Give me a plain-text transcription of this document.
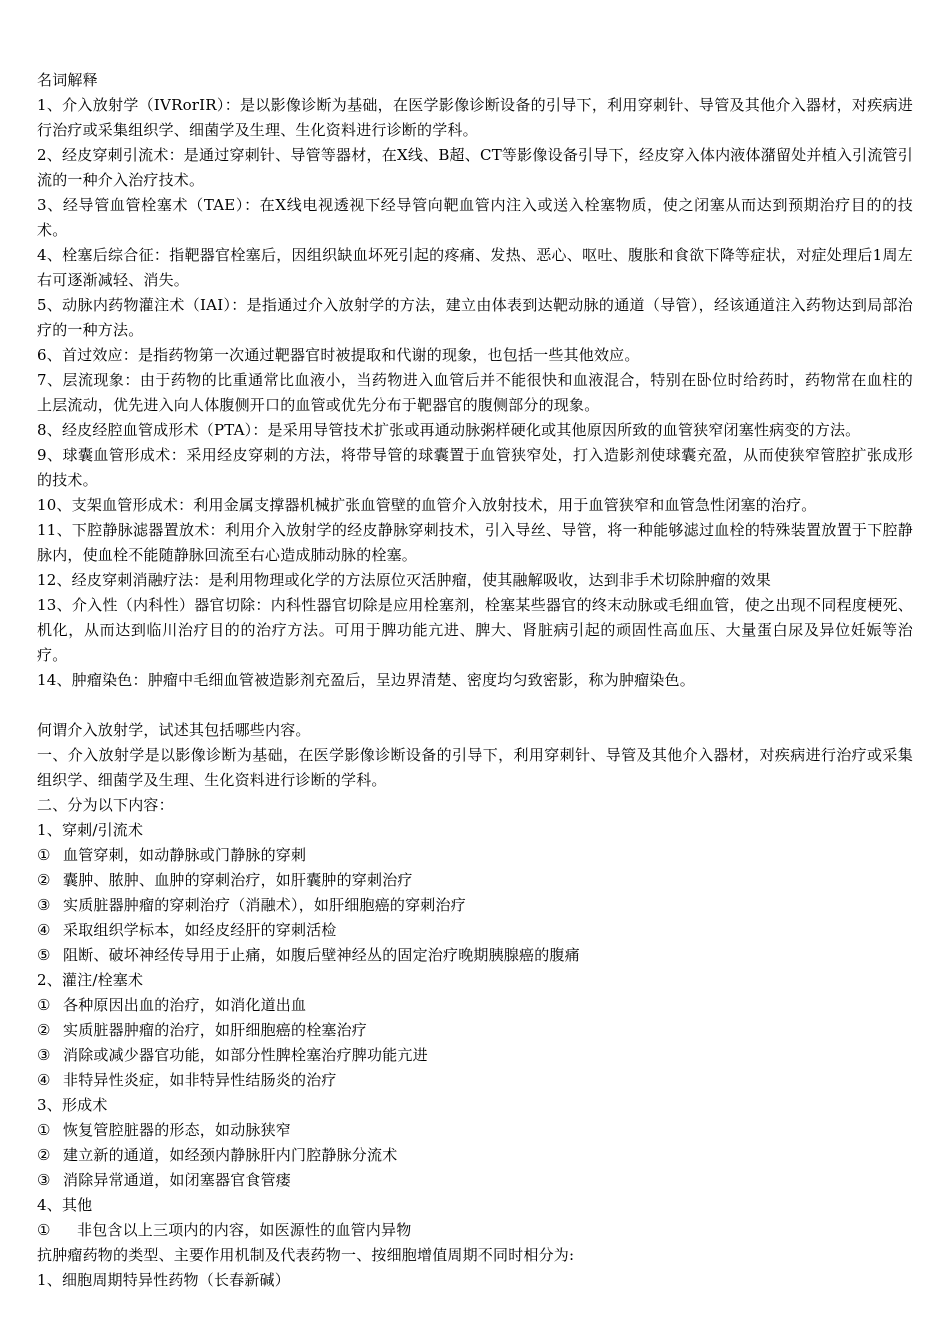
名词解释

1、介入放射学（IVRorIR）：是以影像诊断为基础，在医学影像诊断设备的引导下，利用穿刺针、导管及其他介入器材，对疾病进行治疗或采集组织学、细菌学及生理、生化资料进行诊断的学科。

2、经皮穿刺引流术：是通过穿刺针、导管等器材，在X线、B超、CT等影像设备引导下，经皮穿入体内液体潴留处并植入引流管引流的一种介入治疗技术。

3、经导管血管栓塞术（TAE）：在X线电视透视下经导管向靶血管内注入或送入栓塞物质，使之闭塞从而达到预期治疗目的的技术。

4、栓塞后综合征：指靶器官栓塞后，因组织缺血坏死引起的疼痛、发热、恶心、呕吐、腹胀和食欲下降等症状，对症处理后1周左右可逐渐减轻、消失。

5、动脉内药物灌注术（IAI）：是指通过介入放射学的方法，建立由体表到达靶动脉的通道（导管），经该通道注入药物达到局部治疗的一种方法。

6、首过效应：是指药物第一次通过靶器官时被提取和代谢的现象，也包括一些其他效应。

7、层流现象：由于药物的比重通常比血液小，当药物进入血管后并不能很快和血液混合，特别在卧位时给药时，药物常在血柱的上层流动，优先进入向人体腹侧开口的血管或优先分布于靶器官的腹侧部分的现象。

8、经皮经腔血管成形术（PTA）：是采用导管技术扩张或再通动脉粥样硬化或其他原因所致的血管狭窄闭塞性病变的方法。

9、球囊血管形成术：采用经皮穿刺的方法，将带导管的球囊置于血管狭窄处，打入造影剂使球囊充盈，从而使狭窄管腔扩张成形的技术。

10、支架血管形成术：利用金属支撑器机械扩张血管壁的血管介入放射技术，用于血管狭窄和血管急性闭塞的治疗。

11、下腔静脉滤器置放术：利用介入放射学的经皮静脉穿刺技术，引入导丝、导管，将一种能够滤过血栓的特殊装置放置于下腔静脉内，使血栓不能随静脉回流至右心造成肺动脉的栓塞。

12、经皮穿刺消融疗法：是利用物理或化学的方法原位灭活肿瘤，使其融解吸收，达到非手术切除肿瘤的效果

13、介入性（内科性）器官切除：内科性器官切除是应用栓塞剂，栓塞某些器官的终末动脉或毛细血管，使之出现不同程度梗死、机化，从而达到临川治疗目的的治疗方法。可用于脾功能亢进、脾大、肾脏病引起的顽固性高血压、大量蛋白尿及异位妊娠等治疗。

14、肿瘤染色：肿瘤中毛细血管被造影剂充盈后，呈边界清楚、密度均匀致密影，称为肿瘤染色。

何谓介入放射学，试述其包括哪些内容。

一、介入放射学是以影像诊断为基础，在医学影像诊断设备的引导下，利用穿刺针、导管及其他介入器材，对疾病进行治疗或采集组织学、细菌学及生理、生化资料进行诊断的学科。

二、分为以下内容：

1、穿刺/引流术

① 血管穿刺，如动静脉或门静脉的穿刺

② 囊肿、脓肿、血肿的穿刺治疗，如肝囊肿的穿刺治疗

③ 实质脏器肿瘤的穿刺治疗（消融术），如肝细胞癌的穿刺治疗

④ 采取组织学标本，如经皮经肝的穿刺活检

⑤ 阻断、破坏神经传导用于止痛，如腹后壁神经丛的固定治疗晚期胰腺癌的腹痛

2、灌注/栓塞术

① 各种原因出血的治疗，如消化道出血

② 实质脏器肿瘤的治疗，如肝细胞癌的栓塞治疗

③ 消除或减少器官功能，如部分性脾栓塞治疗脾功能亢进

④ 非特异性炎症，如非特异性结肠炎的治疗

3、形成术

① 恢复管腔脏器的形态，如动脉狭窄

② 建立新的通道，如经颈内静脉肝内门腔静脉分流术

③ 消除异常通道，如闭塞器官食管瘘

4、其他

① 非包含以上三项内的内容，如医源性的血管内异物

抗肿瘤药物的类型、主要作用机制及代表药物一、按细胞增值周期不同时相分为:

1、细胞周期特异性药物（长春新碱）
